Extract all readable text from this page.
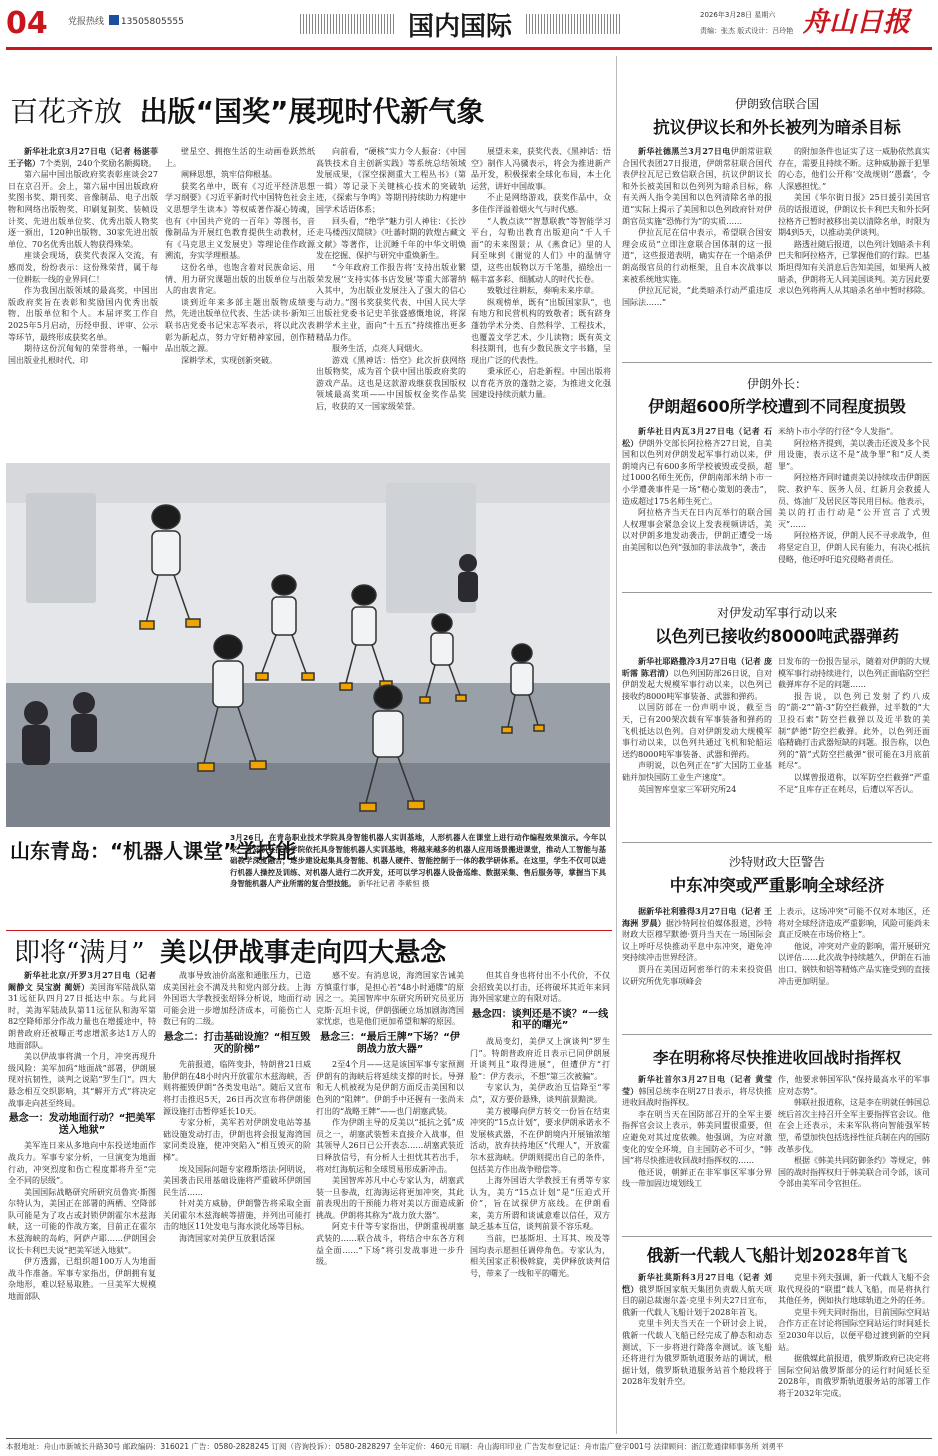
04	党报热线 13505805555	国内国际	2026年3月28日 星期六
责编：张杰 版式设计：吕玲艳 舟山日报
百花齐放 出版“国奖”展现时代新气象

新华社北京3月27日电（记者 杨湛菲 王子铭）7个类别，240个奖励名额揭晓。

第六届中国出版政府奖表彰座谈会27日在京召开。会上，第六届中国出版政府奖图书奖、期刊奖、音像制品、电子出版物和网络出版物奖、印刷复制奖、装帧设计奖、先进出版单位奖、优秀出版人物奖逐一颁出，120种出版物、30家先进出版单位、70名优秀出版人物获得殊荣。

座谈会现场，获奖代表深入交流，有感而发，纷纷表示：这份殊荣背，属于每一位耕耘一线的业界同仁！

作为我国出版领域的最高奖，中国出版政府奖旨在表彰和奖励国内优秀出版物、出版单位和个人。本届评奖工作自2025年5月启动，历经申报、评审、公示等环节，最终形成获奖名单。

期待这份沉甸甸的荣誉将单，一幅中国出版业扎根时代、印

壁星空、拥抱生活的生动画卷跃然纸上。

阐释思想，筑牢信仰根基。

获奖名单中，既有《习近平经济思想学习纲要》《习近平新时代中国特色社会主义思想学生读本》等权威著作凝心铸魂，也有《中国共产党的一百年》等图书，音像制品为开展红色教育提供生动教材，还有《马克思主义发展史》等理论佳作政源溯流，夯实学理根基。

这份名单，也饱含着对民族命运、用情、用力研究课题出版的出版单位与出版人的由衷肯定。

谈到近年来多部主题出版物成绩斐然，先进出版单位代表、生活·读书·新知三联书店党委书记宋志军表示，将以此次表彰为新起点，努力守好精神家园，创作精品出版之源。

深耕学术，实现创新突破。

向前看，“硬核”实力令人振奋：《中国高铁技术自主创新实践》等系统总结领域发展成果，《深空探测重大工程丛书》（第一辑）等记录下关键核心技术的突破轨迹，《探索与争鸣》等期刊持续助力构建中国学术话语体系；

回头看，“绝学”魅力引人神往：《长沙走马楼西汉简牍》《吐蕃时期的敦煌古藏文文献》等著作，让沉睡千年的中华文明焕发在挖掘、保护与研究中重焕新生。

“今年政府工作报告将‘支持出版业繁荣发展’‘支持实体书店发展’等重大部署纳入其中，为出版业发展注入了强大的信心与动力。”图书奖获奖代表、中国人民大学出版社党委书记史羊张盛感慨地说，将深耕学术主业，面向“十五五”持续推出更多精品力作。

服务生活，点亮人间烟火。

游戏《黑神话：悟空》此次折获网络出版物奖，成为首个获中国出版政府奖的游戏产品。这也是这款游戏继获我国版权领域最高奖项——中国版权金奖作品奖后，收获的又一国家级荣誉。

展望未来，获奖代表、《黑神话：悟空》制作人冯骥表示，将会为推进新产品开发，积极探索全球化布局，本土化运营，讲好中国故事。

不止是网络游戏，获奖作品中，众多佳作洋溢着烟火气与时代感。

“人教点读”“智慧联教”等智能学习平台，勾勒出教育出版迎向“千人千面”的未来图景；从《燕食记》里的人间至味到《谢觉的人们》中的温情守望，这些出版物以万千笔墨，描绘出一幅丰富多彩、细腻动人的时代长卷。

致敬过往耕耘，奏响未来序章。

纵观榜单，既有“出版国家队”，也有地方和民营机构的致敬者；既有跻身蓬勃学术分类、自然科学、工程技术，也覆盖文学艺术、少儿读物；既有英文科技期刊，也有少数民族文字书籍，呈现出广泛的代表性。

秉承匠心，启赴新程。中国出版将以育花齐放的蓬勃之姿，为推进文化强国建设持续贡献力量。

山东青岛：“机器人课堂”学技能
3月26日，在青岛职业技术学院具身智能机器人实训基地，人形机器人在课堂上进行动作编程效果演示。今年以来，青岛职业技术学院依托具身智能机器人实训基地，将越来越多的机器人应用场景搬进课堂，推动人工智能与基础教学深度融合，逐步建设起集具身智能、机器人硬件、智能控制于一体的教学研体系。在这里，学生不仅可以进行机器人操控及训练、对机器人进行二次开发，还可以学习机器人设备巡维、数据采集、售后服务等，掌握当下具身智能机器人产业所需的复合型技能。 新华社记者 李紫恒 摄
即将“满月” 美以伊战事走向四大悬念

新华社北京/开罗3月27日电（记者 阚静文 吴宝澍 蔺妍）美国海军陆战队第31远征队四月27日抵达中东。与此同时，美海军陆战队第11远征队和海军第82空降师部分作战力量也在增援途中，特朗普政府还被曝正考虑增派多达1万人的地面部队。

美以伊战事将满一个月，冲突再现升级风险：美军加码“地面战”部署，伊朗展现对抗韧性，谈判之说陷“罗生门”。四大悬念相互交织影响，其“解开方式”将决定战事走向甚至终局。

悬念一：发动地面行动？“把美军送入地狱”

美军连日来从多地向中东投送地面作战兵力。军事专家分析，一旦演变为地面行动，冲突烈度和伤亡程度都将升至“完全不同的层级”。

美国国际战略研究所研究员鲁宾·斯图尔特认为，美国正在部署的两栖、空降部队可能是为了攻占或封锁伊朗霍尔木兹海峡，这一可能的作战方案，目前正在霍尔木兹海峡的岛屿，阿萨卢耶……伊朗国会议长卡利巴夫说“把美军送入地狱”。

伊方透露，已组织超100万人为地面战斗作准备。军事专家指出，伊朗拥有复杂地形，难以轻易取胜。一旦美军大规模地面部队

战事导致油价高涨和通胀压力，已造成美国社会不满及共和党内部分歧。上海外国语大学教授张绍铎分析说，地面行动可能会进一步增加经济成本，可能伤亡人数已有的二级。

悬念二：打击基础设施？“相互毁灭的阶梯”

先前报道，临阵变卦，特朗普21日威胁伊朗在48小时内开放霍尔木兹海峡，否则将摧毁伊朗“各类发电站”。随后又宣布将打击推迟5天，26日再次宣布将伊朗能源设施打击暂停延长10天。

专家分析，美军若对伊朗发电站等基础设施发动打击，伊朗也将会报复海湾国家同类设施，使冲突陷入“相互毁灭的阶梯”。

埃及国际问题专家穆斯塔法·阿明说，美国袭击民用基础设施将严重破坏伊朗国民生活……

针对美方威胁，伊朗警告将采取全面关闭霍尔木兹海峡等措施，并列出可能打击的地区11处发电与海水淡化场等目标。

海湾国家对美伊互放狠话深

感不安。有消息说，海湾国家告诫美方慎重行事，是担心若“48小时通牒”的原因之一。美国智库中东研究所研究员亚历克斯·瓦坦卡说，伊朗强硬立场加剧海湾国家忧虑，也是他们更加希望和解的原因。

悬念三：“最后王牌”下场？“伊朗战力放大器”

2至4个月——这是该国军事专家预测伊朗有的海峡后将延续支撑的时长。导弹和无人机被视为是伊朗方面反击美国和以色列的“阻牌”。伊朗手中还握有一张尚未打出的“战略王牌”——也门胡塞武装。

作为伊朗主导的反美以“抵抗之弧”成员之一，胡塞武装暂未直接介入战事，但其领导人26日已公开表态……胡塞武装近日释放信号，有分析人士担忧其若出手，将对红海航运和全球贸易形成新冲击。

美国智库苏凡中心专家认为，胡塞武装一旦参战，红海海运将更加冲突，其此前表现出的干预能力将对美以方面造成新挑战。伊朗将其称为“战力放大器”。

阿克卡什等专家指出，伊朗重视胡塞武装的……联合战斗，将结合中东各方利益全面……“下场”将引发战事进一步升级。

但其自身也将付出不小代价，不仅会招致美以打击，还将破坏其近年来同海外国家建立的有限对话。

悬念四：谈判还是不谈？“一线和平的曙光”

战局变幻，美伊又上演谈判“罗生门”。特朗普政府近日表示已同伊朗展开谈判且“取得进展”，但遭伊方“打脸”：伊方表示，不想“第三次被骗”。

专家认为，美伊政治互信降至“零点”，双方要价悬殊，谈判前景黯淡。

美方被曝向伊方转交一份旨在结束冲突的“15点计划”，要求伊朗承诺永不发展核武器，不在伊朗境内开展铀浓缩活动，放弃扶持地区“代理人”，开放霍尔木兹海峡。伊朗则提出自己的条件，包括美方作出战争赔偿等。

上海外国语大学教授王有勇等专家认为，美方“15点计划”是“压迫式开价”，旨在试探伊方底线。在伊朗看来，美方所谓和谈诚意难以信任，双方缺乏基本互信，谈判前景不容乐观。

当前，巴基斯坦、土耳其、埃及等国均表示愿担任调停角色。专家认为，相关国家正积极斡旋，美伊释放谈判信号，带来了一线和平的曙光。

伊朗致信联合国
抗议伊议长和外长被列为暗杀目标

新华社德黑兰3月27日电伊朗常驻联合国代表团27日报道，伊朗常驻联合国代表伊拉瓦尼已致信联合国，抗议伊朗议长和外长被美国和以色列列为暗杀目标，称有关两人指令美国和以色列清除名单的报道“实际上揭示了美国和以色列政府针对伊朗官员实施“恐怖行为”的实质……

伊拉瓦尼在信中表示，希望联合国安理会成员“立即注意联合国体制的这一报道”，这些报道表明，确实存在一个暗杀伊朗高级官员的行动框架，且自本次战事以来被系统地实施。

伊拉瓦尼说，“此类暗杀行动严重违反国际法……”

的附加条件也证实了这一威胁依然真实存在，需要且持续不断。这种威胁源于犯罪的心态，他们公开称‘交战规则’‘愚蠢’，令人深感担忧。”

美国《华尔街日报》25日援引美国官员的话报道说，伊朗议长卡利巴夫和外长阿拉格齐已暂时被移出美以清除名单，时限为期4到5天，以推动美伊谈判。

路透社随后报道，以色列计划暗杀卡利巴夫和阿拉格齐，已掌握他们的行踪。巴基斯坦得知有关消息后告知美国，如果两人被暗杀，伊朗将无人同美国谈判。美方因此要求以色列将两人从其暗杀名单中暂时移除。

伊朗外长：
伊朗超600所学校遭到不同程度损毁

新华社日内瓦3月27日电（记者 石松）伊朗外交部长阿拉格齐27日说，自美国和以色列对伊朗发起军事行动以来，伊朗境内已有600多所学校被毁或受损，超过1000名师生死伤，伊朗南部米纳卜市一小学遭袭事件是一场“精心策划的袭击”，造成超过175名师生死亡。

阿拉格齐当天在日内瓦举行的联合国人权理事会紧急会议上发表视频讲话，美以对伊朗多地发动袭击，伊朗正遭受一场由美国和以色列“强加的非法战争”，袭击

米纳卜市小学的行径“令人发指”。

阿拉格齐提到，美以袭击还波及多个民用设施，表示这不是“战争罪”和“反人类罪”。

阿拉格齐同时谴责美以持续攻击伊朗医院、救护车、医务人员、红新月会救援人员、炼油厂及居民区等民用目标。他表示，美以的打击行动是“公开宣言了式毁灭”……

阿拉格齐说，伊朗人民不寻求战争，但将坚定自卫，伊朗人民有能力，有决心抵抗侵略，他还呼吁追究侵略者责任。

对伊发动军事行动以来
以色列已接收约8000吨武器弹药

新华社耶路撒冷3月27日电（记者 庞昕霈 陈君清）以色列国防部26日说，自对伊朗发起大规模军事行动以来，以色列已接收约8000吨军事装备、武器和弹药。

以国防部在一份声明中说，截至当天，已有200架次载有军事装备和弹药的飞机抵达以色列。自对伊朗发动大规模军事行动以来，以色列共通过飞机和轮船运送约8000吨军事装备、武器和弹药。

声明说，以色列正在“扩大国防工业基础并加快国防工业生产速度”。

英国智库皇家三军研究所24

日发布的一份报告显示，随着对伊朗的大规模军事行动持续进行，以色列正面临防空拦截弹库存不足的问题……

报告说，以色列已发射了约八成的“箭-2”“箭-3”防空拦截弹，过半数的“大卫投石索”防空拦截弹以及近半数的美制“萨德”防空拦截弹。此外，以色列还面临精确打击武器短缺的问题。报告称，以色列的“箭”式防空拦截弹“很可能在3月底前耗尽”。

以媒曾报道称，以军防空拦截弹“严重不足”且库存正在耗尽，后遭以军否认。

沙特财政大臣警告
中东冲突或严重影响全球经济

据新华社利雅得3月27日电（记者 王海洲 罗晨）据沙特阿拉伯媒体报道，沙特财政大臣穆罕默德·贾丹当天在一场国际会议上呼吁尽快推动平息中东冲突，避免冲突持续冲击世界经济。

贾丹在美国迈阿密举行的未来投资倡议研究所优先事项峰会

上表示，这场冲突“可能不仅对本地区，还将对全球经济造成严重影响，风险可能尚未真正反映在市场价格上”。

他说，冲突对产业的影响，需开展研究以评估……此次战争持续越久，伊朗在石油出口、钢铁和铝等精炼产品实施受到的直接冲击更加明显。

李在明称将尽快推进收回战时指挥权

新华社首尔3月27日电（记者 黄莹莹）韩国总统李在明27日表示，将尽快推进收回战时指挥权。

李在明当天在国防部召开的全军主要指挥官会议上表示，韩美同盟很重要，但应避免对其过度依赖。他强调，为应对激变化的安全环境，自主国防必不可少，“韩国”将尽快推进收回战时指挥权的……

他还说，朝鲜正在非军事区军事分界线一带加固边境划线工

作，他要求韩国军队“保持最高水平的军事应对态势”。

韩联社报道称，这是李在明就任韩国总统后首次主持召开全军主要指挥官会议。他在会上还表示，未来军队将向智能强军转型，希望加快包括选择性征兵制在内的国防改革步伐。

根据《韩美共同防御条约》等规定，韩国的战时指挥权归于韩美联合司令部，该司令部由美军司令官担任。

俄新一代载人飞船计划2028年首飞

新华社莫斯科3月27日电（记者 刘恺）俄罗斯国家航天集团负责载人航天项目的副总裁谢尔盖·克里卡列夫27日宣布，俄新一代载人飞船计划于2028年首飞。

克里卡列夫当天在一个研讨会上说，俄新一代载人飞船已经完成了静态和动态测试，下一步将进行降落伞测试。该飞船还将进行为俄罗斯轨道服务站的调试，根据计划，俄罗斯轨道服务站首个舱段将于2028年发射升空。

克里卡列夫强调，新一代载人飞船不会取代现役的“联盟”载人飞船，而是将执行其他任务，例如执行地球轨道之外的任务。

克里卡列夫同时指出，目前国际空间站合作方正在讨论将国际空间站运行时间延长至2030年以后，以便平稳过渡到新的空间站。

据俄媒此前报道，俄罗斯政府已决定将国际空间站俄罗斯部分的运行时间延长至2028年，而俄罗斯轨道服务站的部署工作将于2032年完成。

本报地址：舟山市新城长升路30号 邮政编码：316021 广告：0580-2828245 订阅（咨询投诉）：0580-2828297 全年定价：460元 印刷：舟山海印印业 广告发布登记证：舟市监广登字001号 法律顾问：浙江乾通律师事务所 刘勇平
